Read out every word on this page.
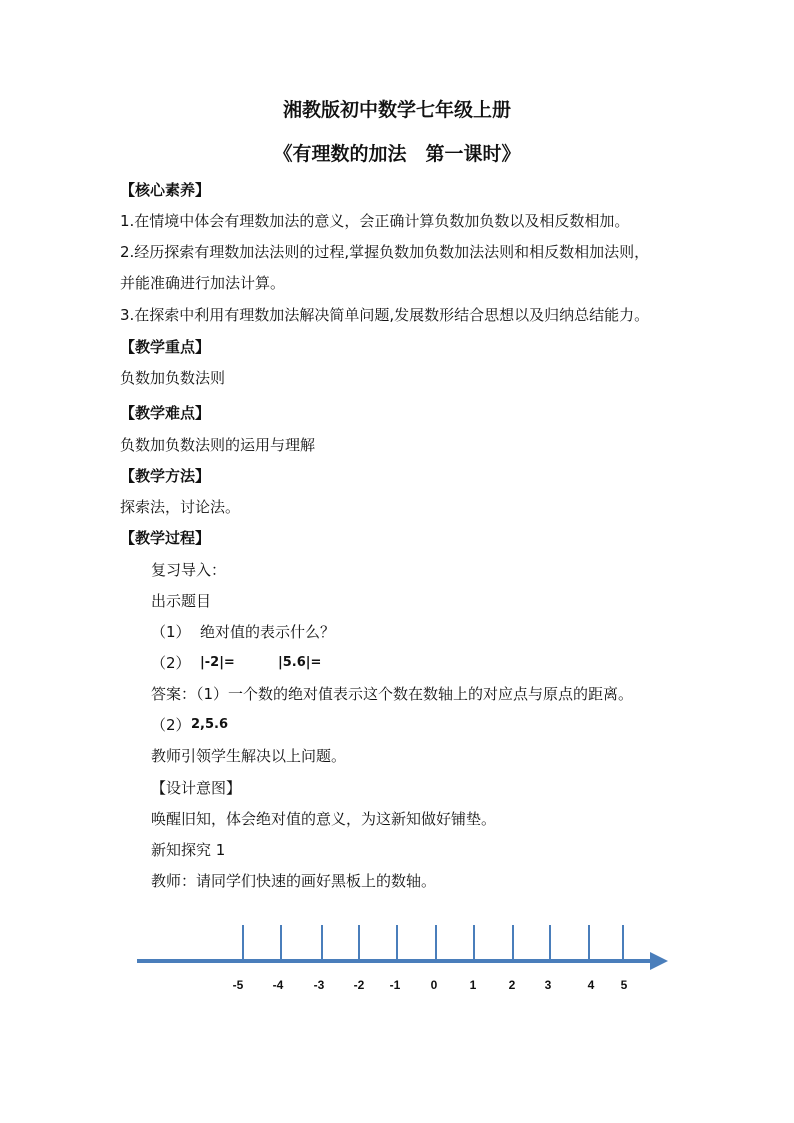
湘教版初中数学七年级上册
《有理数的加法　第一课时》
【核心素养】
1.在情境中体会有理数加法的意义，会正确计算负数加负数以及相反数相加。
2.经历探索有理数加法法则的过程,掌握负数加负数加法法则和相反数相加法则，
并能准确进行加法计算。
3.在探索中利用有理数加法解决简单问题,发展数形结合思想以及归纳总结能力。
【教学重点】
负数加负数法则
【教学难点】
负数加负数法则的运用与理解
【教学方法】
探索法，讨论法。
【教学过程】
复习导入：
出示题目
（1） 绝对值的表示什么？
（2） |-2|=	|5.6|=
答案：（1）一个数的绝对值表示这个数在数轴上的对应点与原点的距离。
（2） 2,5.6
教师引领学生解决以上问题。
【设计意图】
唤醒旧知，体会绝对值的意义，为这新知做好铺垫。
新知探究 1
教师：请同学们快速的画好黑板上的数轴。
-5 -4	-3 -2 -1	0	1	2 3	4 5
